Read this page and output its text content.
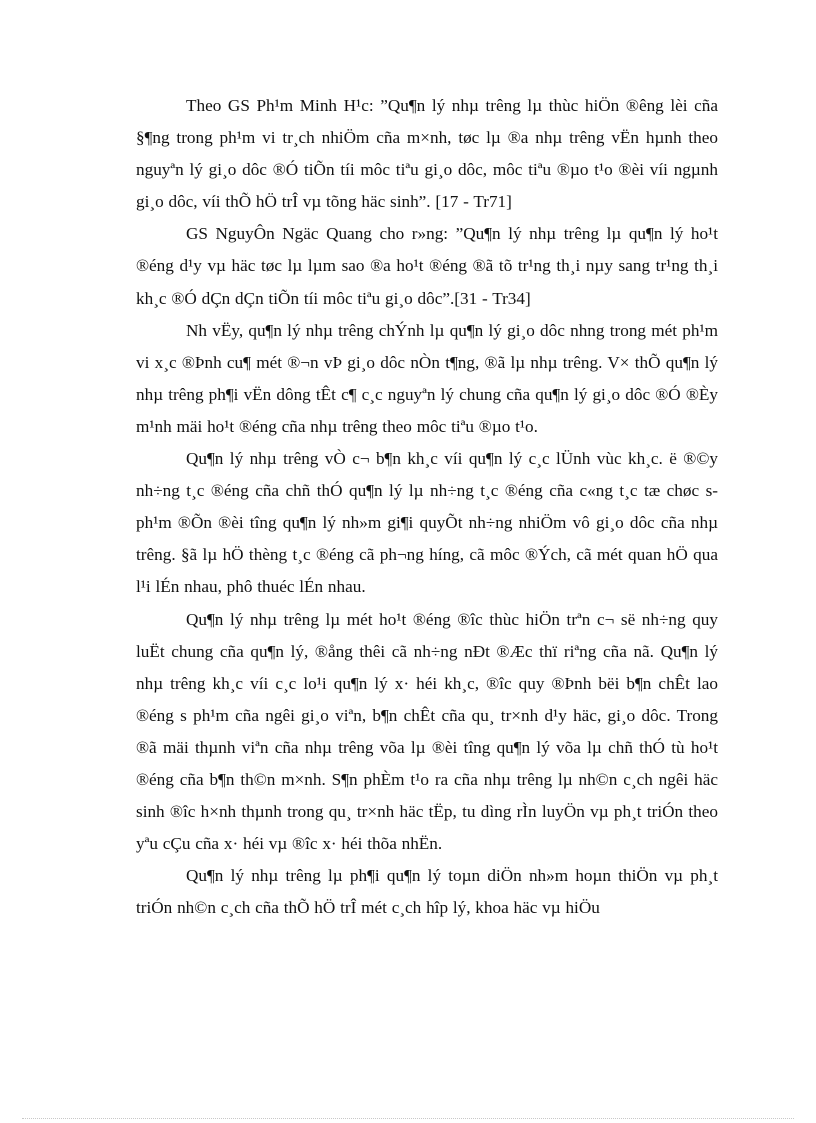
Theo GS Ph¹m Minh H¹c: ”Qu¶n lý nhµ trêng lµ thùc hiÖn ®êng lèi cña §¶ng trong ph¹m vi tr¸ch nhiÖm cña m×nh, tøc lµ ®a nhµ trêng vËn hµnh theo nguyªn lý gi¸o dôc ®Ó tiÕn tíi môc tiªu gi¸o dôc, môc tiªu ®µo t¹o ®èi víi ngµnh gi¸o dôc, víi thÕ hÖ trÎ vµ tõng häc sinh”. [17 - Tr71]

GS NguyÔn Ngäc Quang cho r»ng: ”Qu¶n lý nhµ trêng lµ qu¶n lý ho¹t ®éng d¹y vµ häc tøc lµ lµm sao ®a ho¹t ®éng ®ã tõ tr¹ng th¸i nµy sang tr¹ng th¸i kh¸c ®Ó dÇn dÇn tiÕn tíi môc tiªu gi¸o dôc”.[31 - Tr34]

Nh vËy, qu¶n lý nhµ trêng chÝnh lµ qu¶n lý gi¸o dôc nhng trong mét ph¹m vi x¸c ®Þnh cu¶ mét ®¬n vÞ gi¸o dôc nÒn t¶ng, ®ã lµ nhµ trêng. V× thÕ qu¶n lý nhµ trêng ph¶i vËn dông tÊt c¶ c¸c nguyªn lý chung cña qu¶n lý gi¸o dôc ®Ó ®Èy m¹nh mäi ho¹t ®éng cña nhµ trêng theo môc tiªu ®µo t¹o.

Qu¶n lý nhµ trêng vÒ c¬ b¶n kh¸c víi qu¶n lý c¸c lÜnh vùc kh¸c. ë ®©y nh÷ng t¸c ®éng cña chñ thÓ qu¶n lý lµ nh÷ng t¸c ®éng cña c«ng t¸c tæ chøc s ph¹m ®Õn ®èi tîng qu¶n lý nh»m gi¶i quyÕt nh÷ng nhiÖm vô gi¸o dôc cña nhµ trêng. §ã lµ hÖ thèng t¸c ®éng cã ph¬ng híng, cã môc ®Ých, cã mét quan hÖ qua l¹i lÉn nhau, phô thuéc lÉn nhau.

Qu¶n lý nhµ trêng lµ mét ho¹t ®éng ®îc thùc hiÖn trªn c¬ së nh÷ng quy luËt chung cña qu¶n lý, ®ång thêi cã nh÷ng nÐt ®Æc thï riªng cña nã. Qu¶n lý nhµ trêng kh¸c víi c¸c lo¹i qu¶n lý x· héi kh¸c, ®îc quy ®Þnh bëi b¶n chÊt lao ®éng s ph¹m cña ngêi gi¸o viªn, b¶n chÊt cña qu¸ tr×nh d¹y häc, gi¸o dôc. Trong ®ã mäi thµnh viªn cña nhµ trêng võa lµ ®èi tîng qu¶n lý võa lµ chñ thÓ tù ho¹t ®éng cña b¶n th©n m×nh. S¶n phÈm t¹o ra cña nhµ trêng lµ nh©n c¸ch ngêi häc sinh ®îc h×nh thµnh trong qu¸ tr×nh häc tËp, tu dìng rÌn luyÖn vµ ph¸t triÓn theo yªu cÇu cña x· héi vµ ®îc x· héi thõa nhËn.

Qu¶n lý nhµ trêng lµ ph¶i qu¶n lý toµn diÖn nh»m hoµn thiÖn vµ ph¸t triÓn nh©n c¸ch cña thÕ hÖ trÎ mét c¸ch hîp lý, khoa häc vµ hiÖu
